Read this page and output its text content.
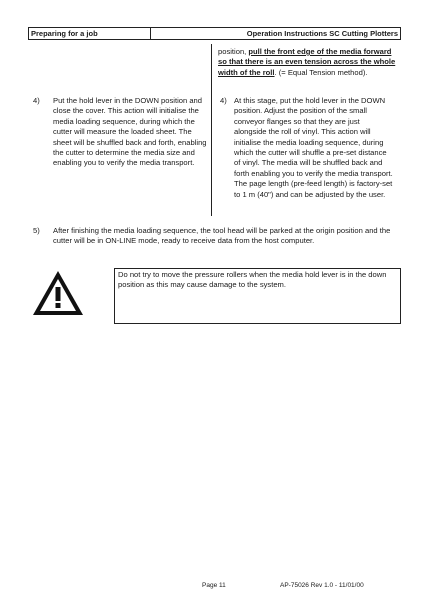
Preparing for a job	Operation Instructions SC Cutting Plotters
position, pull the front edge of the media forward so that there is an even tension across the whole width of the roll. (= Equal Tension method).
4) Put the hold lever in the DOWN position and close the cover. This action will initialise the media loading sequence, during which the cutter will measure the loaded sheet. The sheet will be shuffled back and forth, enabling the cutter to determine the media size and enabling you to verify the media transport.
4) At this stage, put the hold lever in the DOWN position. Adjust the position of the small conveyor flanges so that they are just alongside the roll of vinyl. This action will initialise the media loading sequence, during which the cutter will shuffle a pre-set distance of vinyl. The media will be shuffled back and forth enabling you to verify the media transport. The page length (pre-feed length) is factory-set to 1 m (40") and can be adjusted by the user.
5) After finishing the media loading sequence, the tool head will be parked at the origin position and the cutter will be in ON-LINE mode, ready to receive data from the host computer.
Do not try to move the pressure rollers when the media hold lever is in the down position as this may cause damage to the system.
Page 11	AP-75026 Rev 1.0 - 11/01/00
